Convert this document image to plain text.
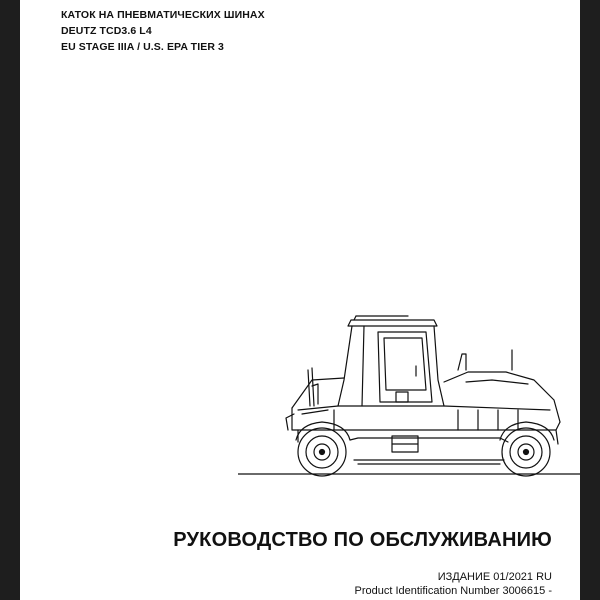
КАТОК НА ПНЕВМАТИЧЕСКИХ ШИНАХ
DEUTZ TCD3.6 L4
EU STAGE IIIA / U.S. EPA TIER 3
РУКОВОДСТВО ПО ОБСЛУЖИВАНИЮ
ИЗДАНИЕ 01/2021 RU
Product Identification Number 3006615 -
